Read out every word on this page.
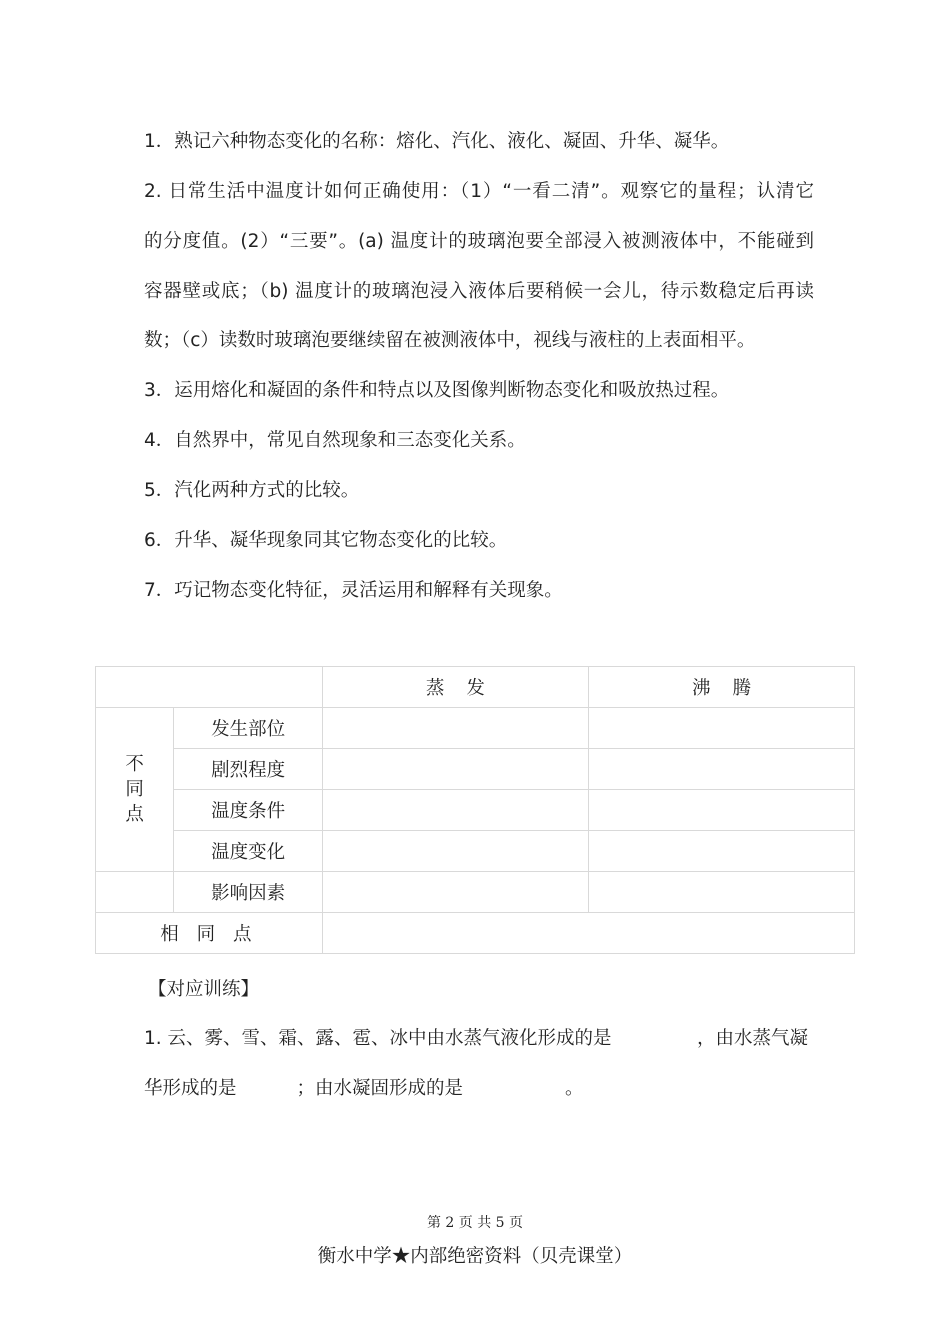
1．熟记六种物态变化的名称：熔化、汽化、液化、凝固、升华、凝华。
2. 日常生活中温度计如何正确使用：（1）“一看二清”。观察它的量程；认清它
的分度值。(2）“三要”。(a) 温度计的玻璃泡要全部浸入被测液体中，不能碰到
容器壁或底；（b) 温度计的玻璃泡浸入液体后要稍候一会儿，待示数稳定后再读
数；（c）读数时玻璃泡要继续留在被测液体中，视线与液柱的上表面相平。
3．运用熔化和凝固的条件和特点以及图像判断物态变化和吸放热过程。
4．自然界中，常见自然现象和三态变化关系。
5．汽化两种方式的比较。
6．升华、凝华现象同其它物态变化的比较。
7．巧记物态变化特征，灵活运用和解释有关现象。
		蒸发	沸腾

不同点	发生部位		
	剧烈程度		
	温度条件		
	温度变化		
	影响因素		
相 同 点			
【对应训练】
1. 云、雾、雪、霜、露、雹、冰中由水蒸气液化形成的是	，由水蒸气凝
华形成的是	；由水凝固形成的是	。
第 2 页 共 5 页
衡水中学★内部绝密资料（贝壳课堂）
